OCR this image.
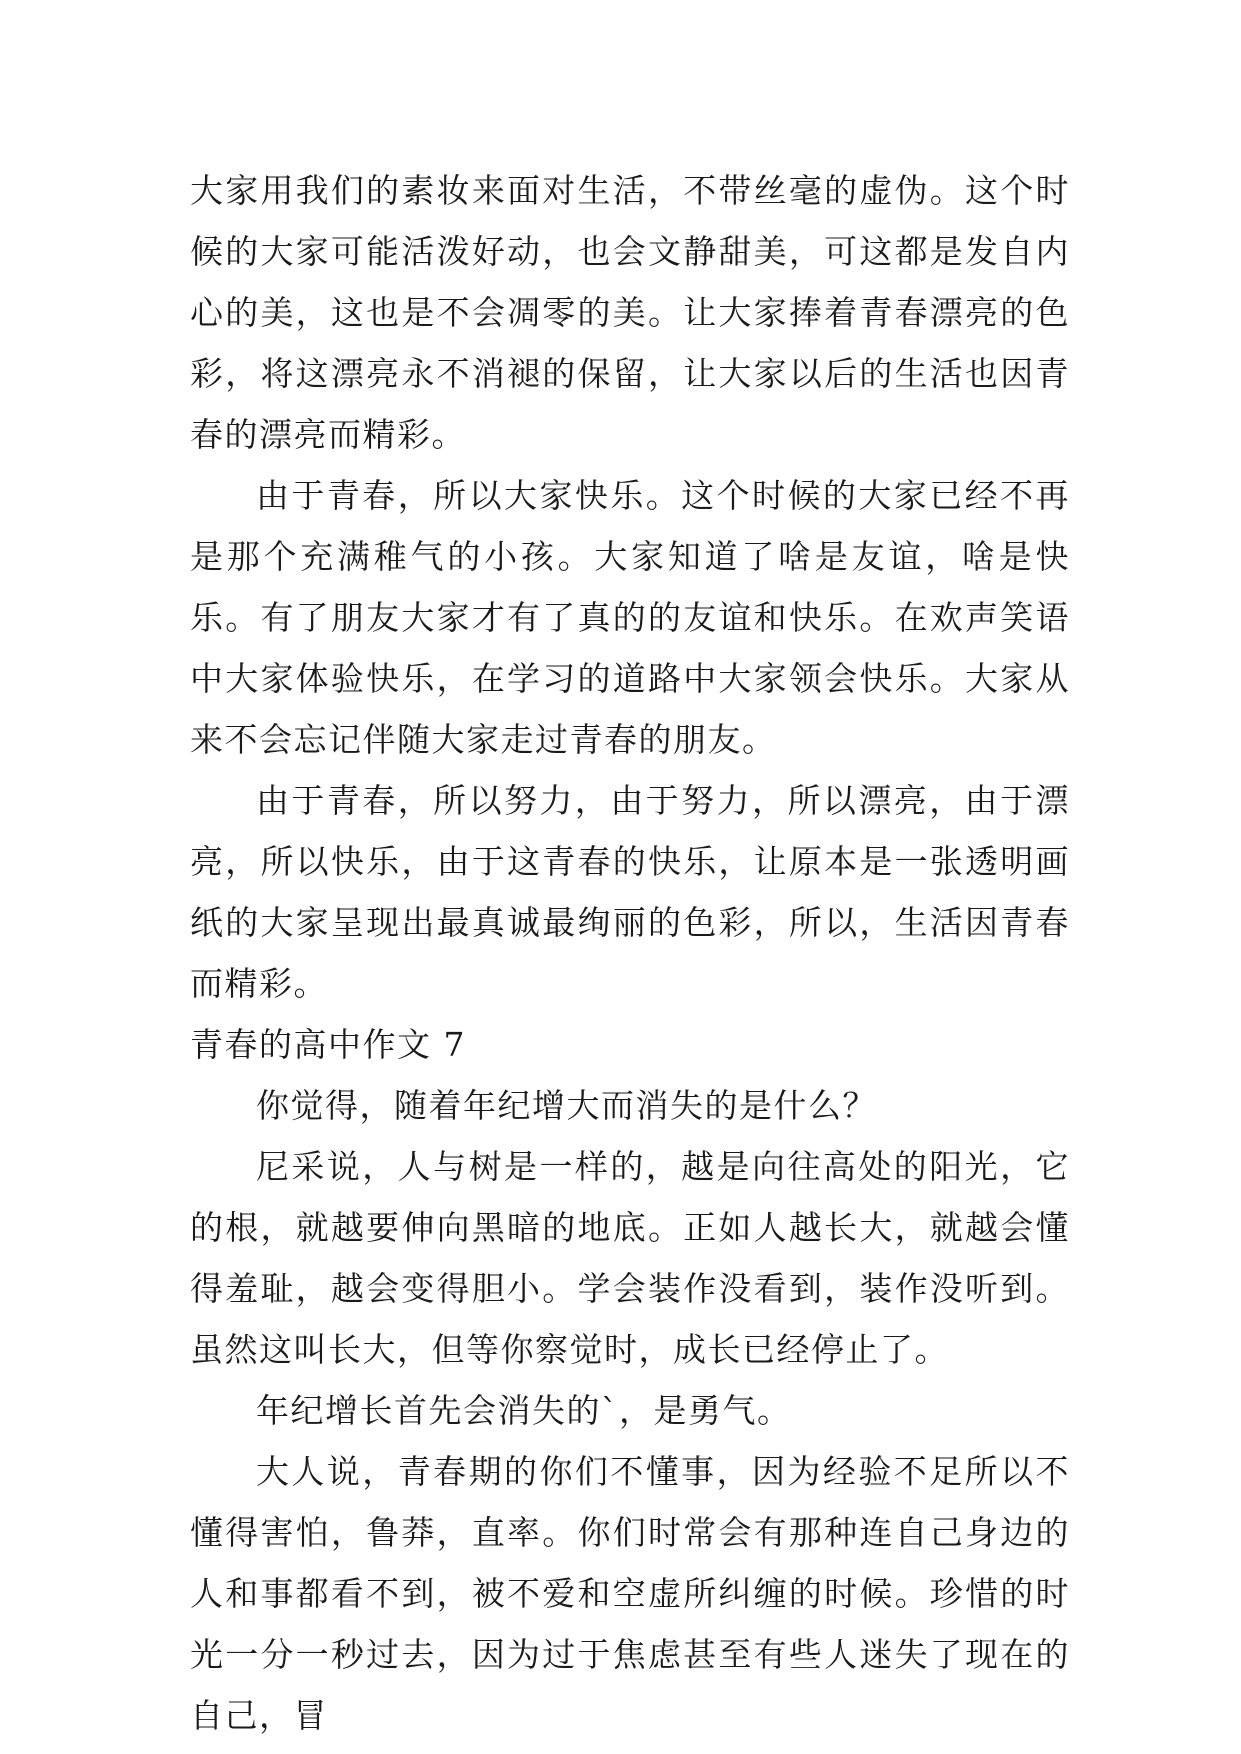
大家用我们的素妆来面对生活，不带丝毫的虚伪。这个时候的大家可能活泼好动，也会文静甜美，可这都是发自内心的美，这也是不会凋零的美。让大家捧着青春漂亮的色彩，将这漂亮永不消褪的保留，让大家以后的生活也因青春的漂亮而精彩。

由于青春，所以大家快乐。这个时候的大家已经不再是那个充满稚气的小孩。大家知道了啥是友谊，啥是快乐。有了朋友大家才有了真的的友谊和快乐。在欢声笑语中大家体验快乐，在学习的道路中大家领会快乐。大家从来不会忘记伴随大家走过青春的朋友。

由于青春，所以努力，由于努力，所以漂亮，由于漂亮，所以快乐，由于这青春的快乐，让原本是一张透明画纸的大家呈现出最真诚最绚丽的色彩，所以，生活因青春而精彩。

青春的高中作文 7

你觉得，随着年纪增大而消失的是什么？

尼采说，人与树是一样的，越是向往高处的阳光，它的根，就越要伸向黑暗的地底。正如人越长大，就越会懂得羞耻，越会变得胆小。学会装作没看到，装作没听到。虽然这叫长大，但等你察觉时，成长已经停止了。

年纪增长首先会消失的`，是勇气。

大人说，青春期的你们不懂事，因为经验不足所以不懂得害怕，鲁莽，直率。你们时常会有那种连自己身边的人和事都看不到，被不爱和空虚所纠缠的时候。珍惜的时光一分一秒过去，因为过于焦虑甚至有些人迷失了现在的自己，冒
